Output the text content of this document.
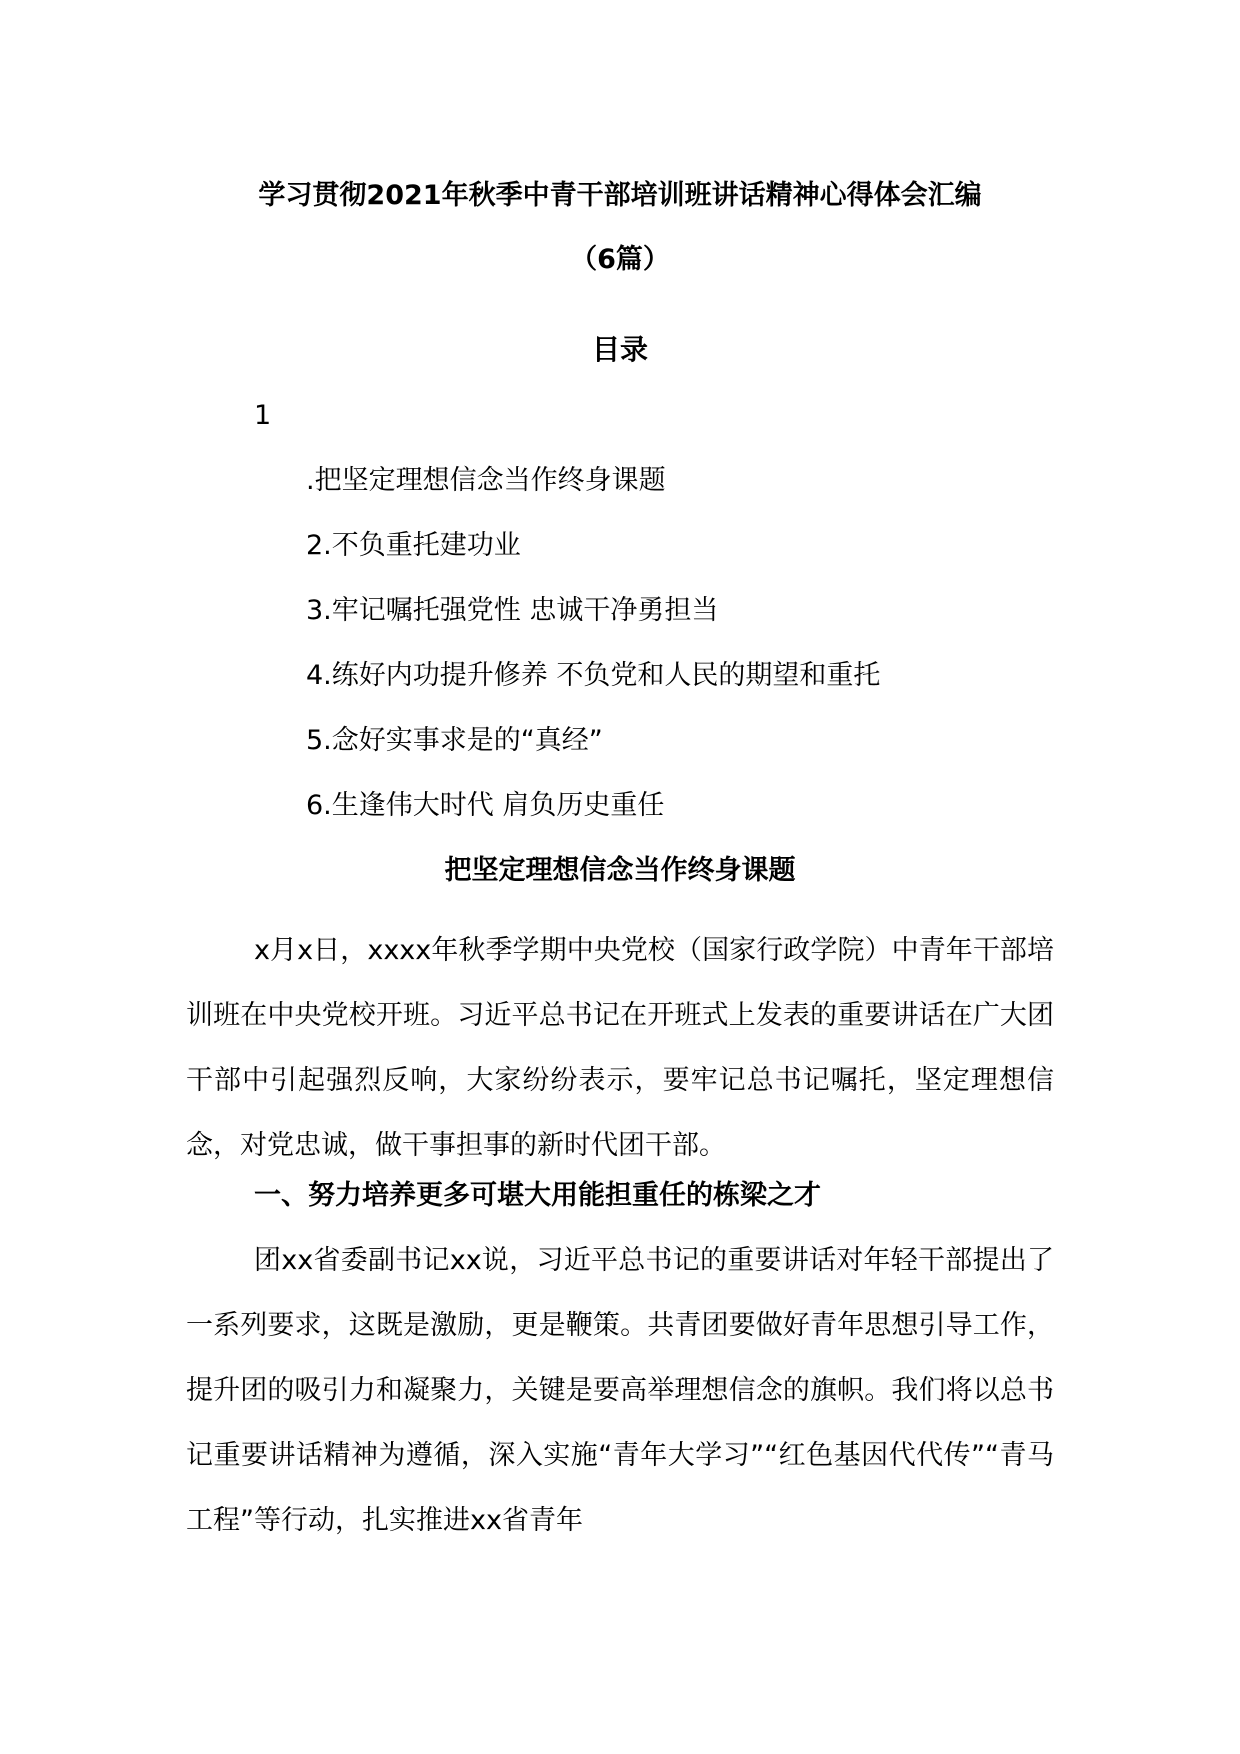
学习贯彻2021年秋季中青干部培训班讲话精神心得体会汇编
（6篇）
目录
1
.把坚定理想信念当作终身课题
2.不负重托建功业
3.牢记嘱托强党性 忠诚干净勇担当
4.练好内功提升修养 不负党和人民的期望和重托
5.念好实事求是的“真经”
6.生逢伟大时代 肩负历史重任
把坚定理想信念当作终身课题

x月x日，xxxx年秋季学期中央党校（国家行政学院）中青年干部培训班在中央党校开班。习近平总书记在开班式上发表的重要讲话在广大团干部中引起强烈反响，大家纷纷表示，要牢记总书记嘱托，坚定理想信念，对党忠诚，做干事担事的新时代团干部。

一、努力培养更多可堪大用能担重任的栋梁之才

团xx省委副书记xx说，习近平总书记的重要讲话对年轻干部提出了一系列要求，这既是激励，更是鞭策。共青团要做好青年思想引导工作，提升团的吸引力和凝聚力，关键是要高举理想信念的旗帜。我们将以总书记重要讲话精神为遵循，深入实施“青年大学习”“红色基因代代传”“青马工程”等行动，扎实推进xx省青年
